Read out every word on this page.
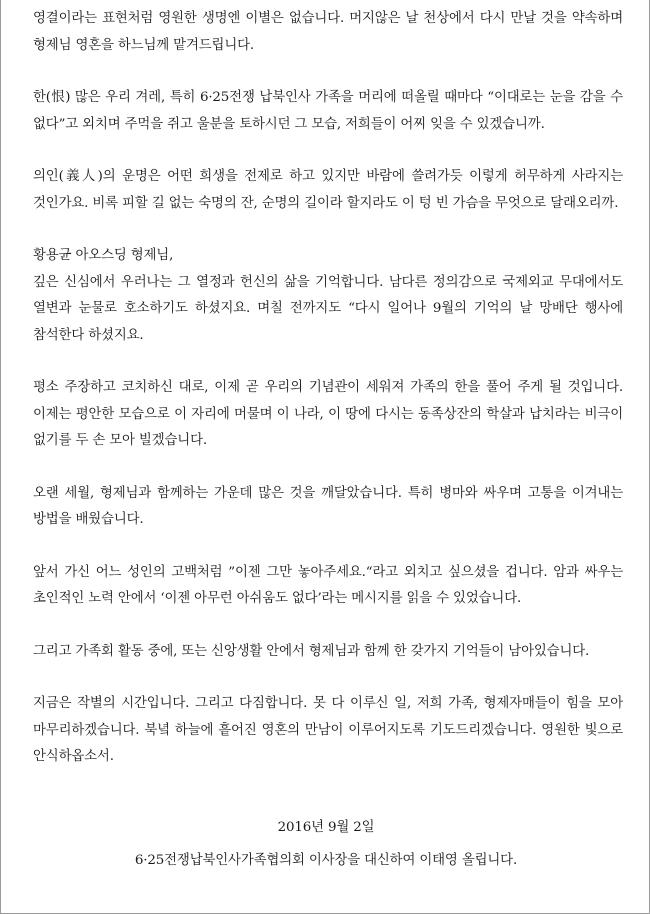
영결이라는 표현처럼 영원한 생명엔 이별은 없습니다. 머지않은 날 천상에서 다시 만날 것을 약속하며 형제님 영혼을 하느님께 맡겨드립니다.

한(恨) 많은 우리 겨레, 특히 6·25전쟁 납북인사 가족을 머리에 떠올릴 때마다 “이대로는 눈을 감을 수 없다”고 외치며 주먹을 쥐고 울분을 토하시던 그 모습, 저희들이 어찌 잊을 수 있겠습니까.

의인(義人)의 운명은 어떤 희생을 전제로 하고 있지만 바람에 쓸려가듯 이렇게 허무하게 사라지는 것인가요. 비록 피할 길 없는 숙명의 잔, 순명의 길이라 할지라도 이 텅 빈 가슴을 무엇으로 달래오리까.

황용균 아오스딩 형제님,

깊은 신심에서 우러나는 그 열정과 헌신의 삶을 기억합니다. 남다른 정의감으로 국제외교 무대에서도 열변과 눈물로 호소하기도 하셨지요. 며칠 전까지도 “다시 일어나 9월의 기억의 날 망배단 행사에 참석한다 하셨지요.

평소 주장하고 코치하신 대로, 이제 곧 우리의 기념관이 세워져 가족의 한을 풀어 주게 될 것입니다. 이제는 평안한 모습으로 이 자리에 머물며 이 나라, 이 땅에 다시는 동족상잔의 학살과 납치라는 비극이 없기를 두 손 모아 빌겠습니다.

오랜 세월, 형제님과 함께하는 가운데 많은 것을 깨달았습니다. 특히 병마와 싸우며 고통을 이겨내는 방법을 배웠습니다.

앞서 가신 어느 성인의 고백처럼 ”이젠 그만 놓아주세요.“라고 외치고 싶으셨을 겁니다. 암과 싸우는 초인적인 노력 안에서 ‘이젠 아무런 아쉬움도 없다’라는 메시지를 읽을 수 있었습니다.

그리고 가족회 활동 중에, 또는 신앙생활 안에서 형제님과 함께 한 갖가지 기억들이 남아있습니다.

지금은 작별의 시간입니다. 그리고 다짐합니다. 못 다 이루신 일, 저희 가족, 형제자매들이 힘을 모아 마무리하겠습니다. 북녘 하늘에 흩어진 영혼의 만남이 이루어지도록 기도드리겠습니다. 영원한 빛으로 안식하옵소서.

2016년 9월 2일
6·25전쟁납북인사가족협의회 이사장을 대신하여 이태영 올립니다.
